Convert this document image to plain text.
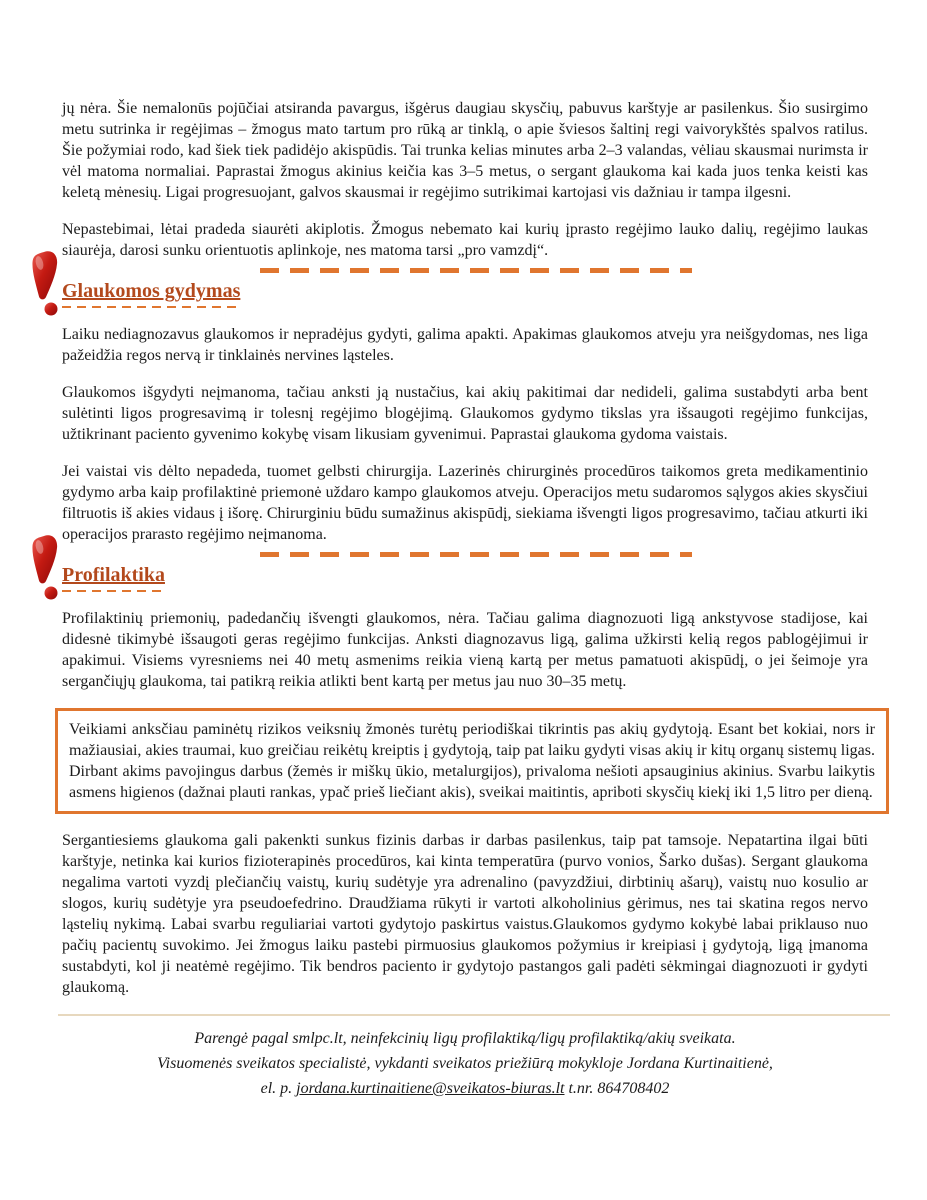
jų nėra. Šie nemalonūs pojūčiai atsiranda pavargus, išgėrus daugiau skysčių, pabuvus karštyje ar pasilenkus. Šio susirgimo metu sutrinka ir regėjimas – žmogus mato tartum pro rūką ar tinklą, o apie šviesos šaltinį regi vaivorykštės spalvos ratilus. Šie požymiai rodo, kad šiek tiek padidėjo akispūdis. Tai trunka kelias minutes arba 2–3 valandas, vėliau skausmai nurimsta ir vėl matoma normaliai. Paprastai žmogus akinius keičia kas 3–5 metus, o sergant glaukoma kai kada juos tenka keisti kas keletą mėnesių. Ligai progresuojant, galvos skausmai ir regėjimo sutrikimai kartojasi vis dažniau ir tampa ilgesni.

Nepastebimai, lėtai pradeda siaurėti akiplotis. Žmogus nebemato kai kurių įprasto regėjimo lauko dalių, regėjimo laukas siaurėja, darosi sunku orientuotis aplinkoje, nes matoma tarsi „pro vamzdį“.

Glaukomos gydymas

Laiku nediagnozavus glaukomos ir nepradėjus gydyti, galima apakti. Apakimas glaukomos atveju yra neišgydomas, nes liga pažeidžia regos nervą ir tinklainės nervines ląsteles.

Glaukomos išgydyti neįmanoma, tačiau anksti ją nustačius, kai akių pakitimai dar nedideli, galima sustabdyti arba bent sulėtinti ligos progresavimą ir tolesnį regėjimo blogėjimą. Glaukomos gydymo tikslas yra išsaugoti regėjimo funkcijas, užtikrinant paciento gyvenimo kokybę visam likusiam gyvenimui. Paprastai glaukoma gydoma vaistais.

Jei vaistai vis dėlto nepadeda, tuomet gelbsti chirurgija. Lazerinės chirurginės procedūros taikomos greta medikamentinio gydymo arba kaip profilaktinė priemonė uždaro kampo glaukomos atveju. Operacijos metu sudaromos sąlygos akies skysčiui filtruotis iš akies vidaus į išorę. Chirurginiu būdu sumažinus akispūdį, siekiama išvengti ligos progresavimo, tačiau atkurti iki operacijos prarasto regėjimo neįmanoma.

Profilaktika

Profilaktinių priemonių, padedančių išvengti glaukomos, nėra. Tačiau galima diagnozuoti ligą ankstyvose stadijose, kai didesnė tikimybė išsaugoti geras regėjimo funkcijas. Anksti diagnozavus ligą, galima užkirsti kelią regos pablogėjimui ir apakimui. Visiems vyresniems nei 40 metų asmenims reikia vieną kartą per metus pamatuoti akispūdį, o jei šeimoje yra sergančiųjų glaukoma, tai patikrą reikia atlikti bent kartą per metus jau nuo 30–35 metų.

Veikiami anksčiau paminėtų rizikos veiksnių žmonės turėtų periodiškai tikrintis pas akių gydytoją. Esant bet kokiai, nors ir mažiausiai, akies traumai, kuo greičiau reikėtų kreiptis į gydytoją, taip pat laiku gydyti visas akių ir kitų organų sistemų ligas. Dirbant akims pavojingus darbus (žemės ir miškų ūkio, metalurgijos), privaloma nešioti apsauginius akinius. Svarbu laikytis asmens higienos (dažnai plauti rankas, ypač prieš liečiant akis), sveikai maitintis, apriboti skysčių kiekį iki 1,5 litro per dieną.

Sergantiesiems glaukoma gali pakenkti sunkus fizinis darbas ir darbas pasilenkus, taip pat tamsoje. Nepatartina ilgai būti karštyje, netinka kai kurios fizioterapinės procedūros, kai kinta temperatūra (purvo vonios, Šarko dušas). Sergant glaukoma negalima vartoti vyzdį plečiančių vaistų, kurių sudėtyje yra adrenalino (pavyzdžiui, dirbtinių ašarų), vaistų nuo kosulio ar slogos, kurių sudėtyje yra pseudoefedrino. Draudžiama rūkyti ir vartoti alkoholinius gėrimus, nes tai skatina regos nervo ląstelių nykimą. Labai svarbu reguliariai vartoti gydytojo paskirtus vaistus.Glaukomos gydymo kokybė labai priklauso nuo pačių pacientų suvokimo. Jei žmogus laiku pastebi pirmuosius glaukomos požymius ir kreipiasi į gydytoją, ligą įmanoma sustabdyti, kol ji neatėmė regėjimo. Tik bendros paciento ir gydytojo pastangos gali padėti sėkmingai diagnozuoti ir gydyti glaukomą.

Parengė pagal smlpc.lt, neinfekcinių ligų profilaktiką/ligų profilaktiką/akių sveikata.
Visuomenės sveikatos specialistė, vykdanti sveikatos priežiūrą mokykloje Jordana Kurtinaitienė,
el. p. jordana.kurtinaitiene@sveikatos-biuras.lt t.nr. 864708402
